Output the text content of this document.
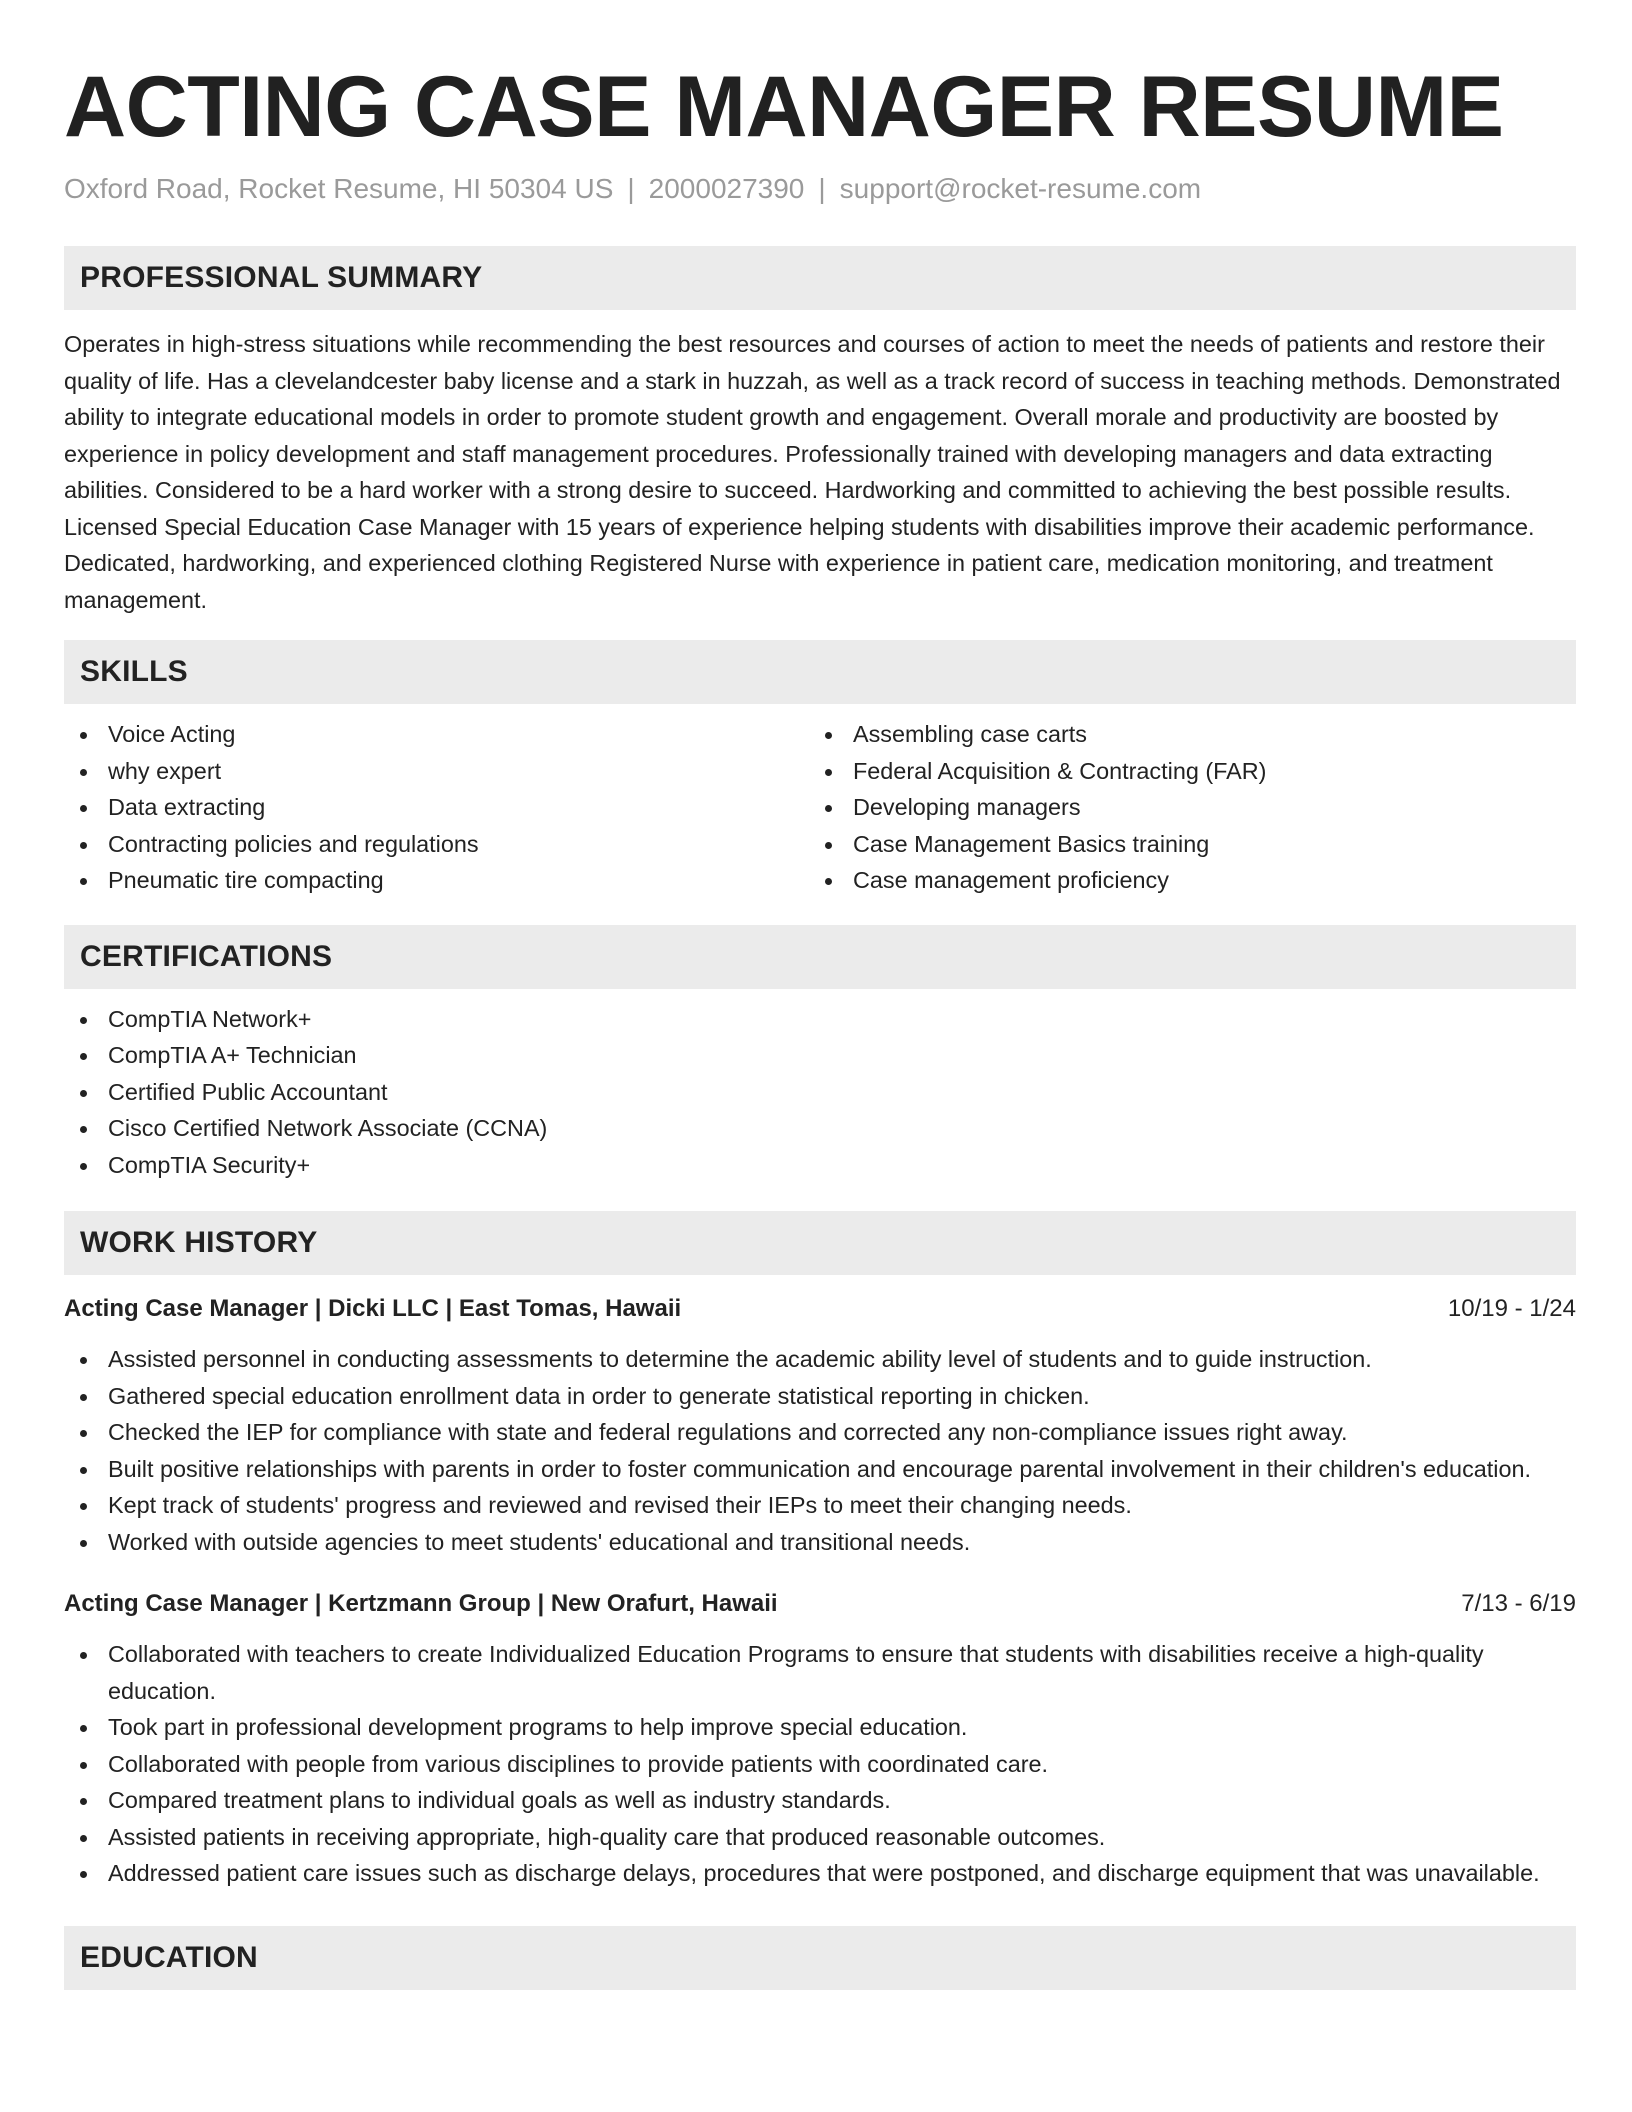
ACTING CASE MANAGER RESUME
Oxford Road, Rocket Resume, HI 50304 US | 2000027390 | support@rocket-resume.com
PROFESSIONAL SUMMARY

Operates in high-stress situations while recommending the best resources and courses of action to meet the needs of patients and restore their quality of life. Has a clevelandcester baby license and a stark in huzzah, as well as a track record of success in teaching methods. Demonstrated ability to integrate educational models in order to promote student growth and engagement. Overall morale and productivity are boosted by experience in policy development and staff management procedures. Professionally trained with developing managers and data extracting abilities. Considered to be a hard worker with a strong desire to succeed. Hardworking and committed to achieving the best possible results. Licensed Special Education Case Manager with 15 years of experience helping students with disabilities improve their academic performance. Dedicated, hardworking, and experienced clothing Registered Nurse with experience in patient care, medication monitoring, and treatment management.

SKILLS
Voice Acting
why expert
Data extracting
Contracting policies and regulations
Pneumatic tire compacting
Assembling case carts
Federal Acquisition & Contracting (FAR)
Developing managers
Case Management Basics training
Case management proficiency
CERTIFICATIONS
CompTIA Network+
CompTIA A+ Technician
Certified Public Accountant
Cisco Certified Network Associate (CCNA)
CompTIA Security+
WORK HISTORY
Acting Case Manager | Dicki LLC | East Tomas, Hawaii	10/19 - 1/24
Assisted personnel in conducting assessments to determine the academic ability level of students and to guide instruction.
Gathered special education enrollment data in order to generate statistical reporting in chicken.
Checked the IEP for compliance with state and federal regulations and corrected any non-compliance issues right away.
Built positive relationships with parents in order to foster communication and encourage parental involvement in their children's education.
Kept track of students' progress and reviewed and revised their IEPs to meet their changing needs.
Worked with outside agencies to meet students' educational and transitional needs.
Acting Case Manager | Kertzmann Group | New Orafurt, Hawaii	7/13 - 6/19
Collaborated with teachers to create Individualized Education Programs to ensure that students with disabilities receive a high-quality education.
Took part in professional development programs to help improve special education.
Collaborated with people from various disciplines to provide patients with coordinated care.
Compared treatment plans to individual goals as well as industry standards.
Assisted patients in receiving appropriate, high-quality care that produced reasonable outcomes.
Addressed patient care issues such as discharge delays, procedures that were postponed, and discharge equipment that was unavailable.
EDUCATION
